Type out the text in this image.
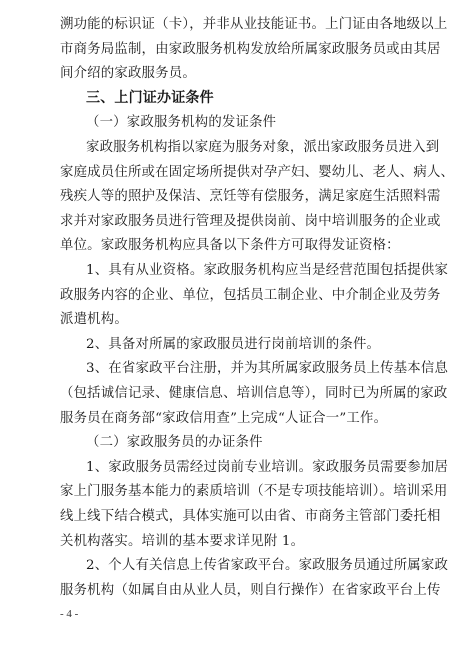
- 4 -
溯功能的标识证（卡），并非从业技能证书。上门证由各地级以上
市商务局监制，由家政服务机构发放给所属家政服务员或由其居
间介绍的家政服务员。
三、上门证办证条件
（一）家政服务机构的发证条件
家政服务机构指以家庭为服务对象，派出家政服务员进入到
家庭成员住所或在固定场所提供对孕产妇、婴幼儿、老人、病人、
残疾人等的照护及保洁、烹饪等有偿服务，满足家庭生活照料需
求并对家政服务员进行管理及提供岗前、岗中培训服务的企业或
单位。家政服务机构应具备以下条件方可取得发证资格：
1、具有从业资格。家政服务机构应当是经营范围包括提供家
政服务内容的企业、单位，包括员工制企业、中介制企业及劳务
派遣机构。
2、具备对所属的家政服员进行岗前培训的条件。
3、在省家政平台注册，并为其所属家政服务员上传基本信息
（包括诚信记录、健康信息、培训信息等），同时已为所属的家政
服务员在商务部“家政信用查”上完成“人证合一”工作。
（二）家政服务员的办证条件
1、家政服务员需经过岗前专业培训。家政服务员需要参加居
家上门服务基本能力的素质培训（不是专项技能培训）。培训采用
线上线下结合模式，具体实施可以由省、市商务主管部门委托相
关机构落实。培训的基本要求详见附 1。
2、个人有关信息上传省家政平台。家政服务员通过所属家政
服务机构（如属自由从业人员，则自行操作）在省家政平台上传
